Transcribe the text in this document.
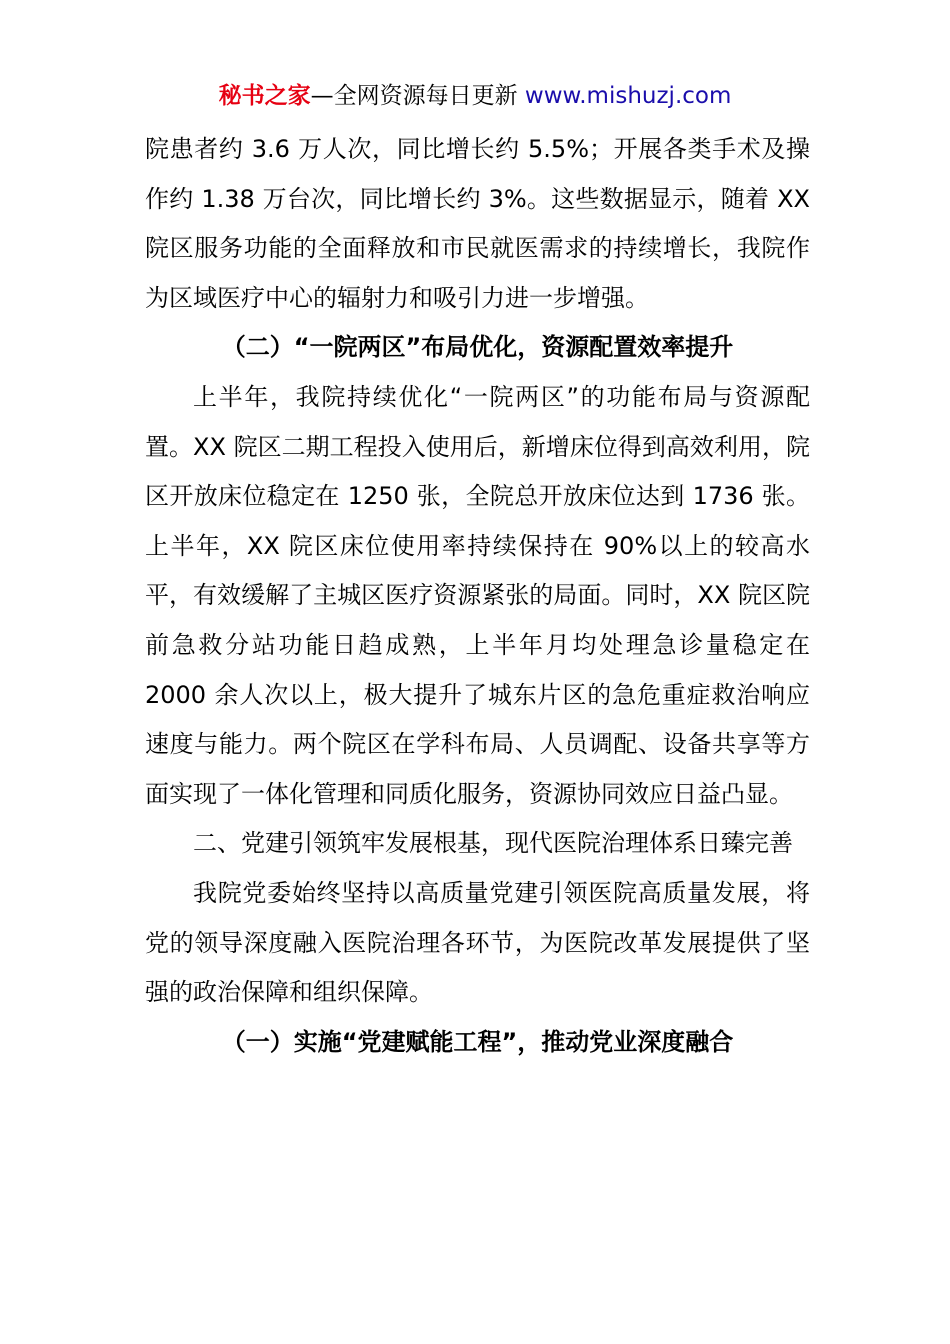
秘书之家—全网资源每日更新 www.mishuzj.com

院患者约 3.6 万人次，同比增长约 5.5%；开展各类手术及操作约 1.38 万台次，同比增长约 3%。这些数据显示，随着 XX 院区服务功能的全面释放和市民就医需求的持续增长，我院作为区域医疗中心的辐射力和吸引力进一步增强。

（二）“一院两区”布局优化，资源配置效率提升

上半年，我院持续优化“一院两区”的功能布局与资源配置。XX 院区二期工程投入使用后，新增床位得到高效利用，院区开放床位稳定在 1250 张，全院总开放床位达到 1736 张。上半年，XX 院区床位使用率持续保持在 90%以上的较高水平，有效缓解了主城区医疗资源紧张的局面。同时，XX 院区院前急救分站功能日趋成熟，上半年月均处理急诊量稳定在 2000 余人次以上，极大提升了城东片区的急危重症救治响应速度与能力。两个院区在学科布局、人员调配、设备共享等方面实现了一体化管理和同质化服务，资源协同效应日益凸显。

二、党建引领筑牢发展根基，现代医院治理体系日臻完善

我院党委始终坚持以高质量党建引领医院高质量发展，将党的领导深度融入医院治理各环节，为医院改革发展提供了坚强的政治保障和组织保障。

（一）实施“党建赋能工程”，推动党业深度融合
